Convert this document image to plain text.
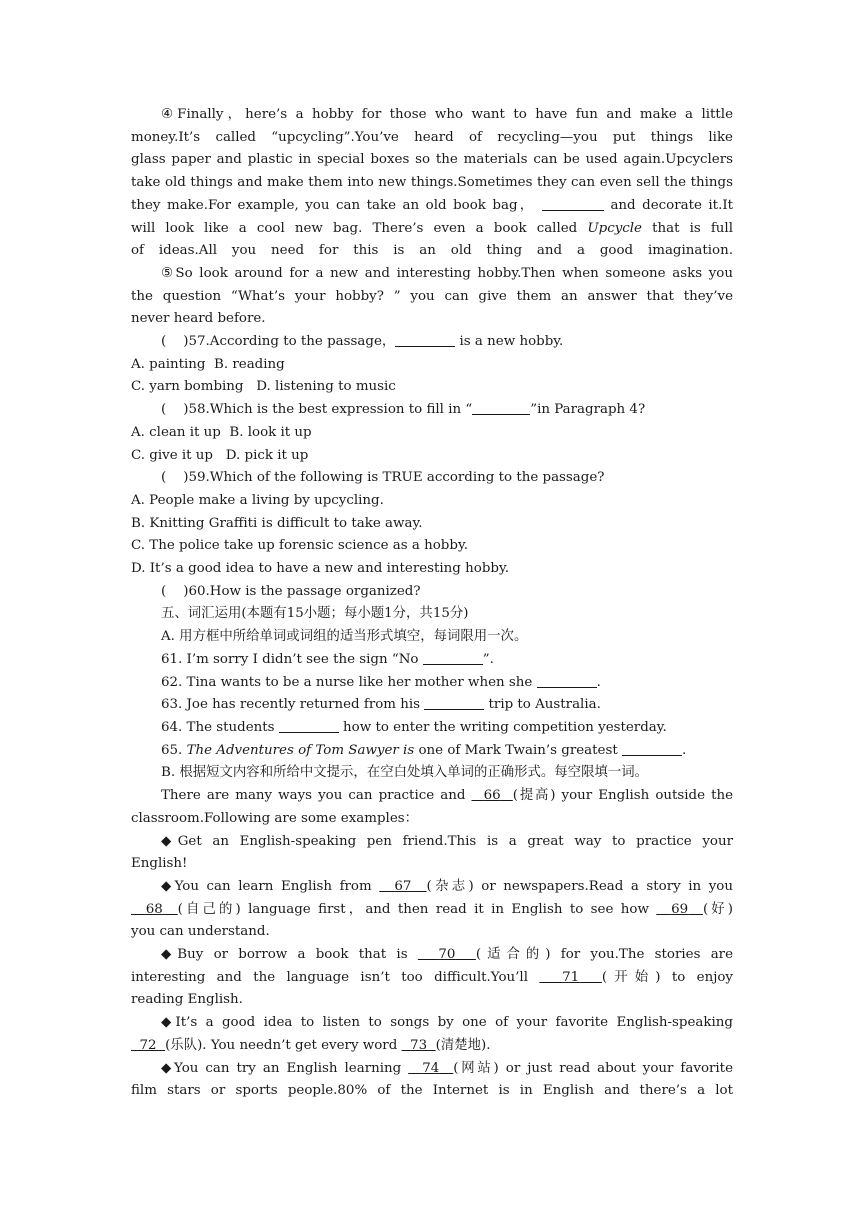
④Finally，here’s a hobby for those who want to have fun and make a little

money.It’s called “upcycling”.You’ve heard of recycling—you put things like

glass paper and plastic in special boxes so the materials can be used again.Upcyclers

take old things and make them into new things.Sometimes they can even sell the things

they make.For example, you can take an old book bag，	and decorate it.It

will look like a cool new bag. There’s even a book called Upcycle that is full

of ideas.All you need for this is an old thing and a good imagination.

⑤So look around for a new and interesting hobby.Then when someone asks you

the question “What’s your hobby? ” you can give them an answer that they’ve

never heard before.

(    )57.According to the passage，	is a new hobby.

A. painting  B. reading

C. yarn bombing   D. listening to music

(    )58.Which is the best expression to fill in “	”in Paragraph 4?

A. clean it up  B. look it up

C. give it up   D. pick it up

(    )59.Which of the following is TRUE according to the passage?

A. People make a living by upcycling.

B. Knitting Graffiti is difficult to take away.

C. The police take up forensic science as a hobby.

D. It’s a good idea to have a new and interesting hobby.

(    )60.How is the passage organized?

五、词汇运用(本题有15小题；每小题1分，共15分)

A. 用方框中所给单词或词组的适当形式填空，每词限用一次。

61. I’m sorry I didn’t see the sign “No	”.

62. Tina wants to be a nurse like her mother when she	.

63. Joe has recently returned from his	trip to Australia.

64. The students	how to enter the writing competition yesterday.

65. The Adventures of Tom Sawyer is one of Mark Twain’s greatest	.

B. 根据短文内容和所给中文提示，在空白处填入单词的正确形式。每空限填一词。

There are many ways you can practice and   66 (提高) your English outside the

classroom.Following are some examples：

◆Get an English-speaking pen friend.This is a great way to practice your

English!

◆You can learn English from   67 (杂志) or newspapers.Read a story in you

68 (自己的) language first，and then read it in English to see how   69 (好)

you can understand.

◆Buy or borrow a book that is   70 (适合的) for you.The stories are

interesting and the language isn’t too difficult.You’ll   71 (开始) to enjoy

reading English.

◆It’s a good idea to listen to songs by one of your favorite English-speaking

72 (乐队). You needn’t get every word   73 (清楚地).

◆You can try an English learning   74 (网站) or just read about your favorite

film stars or sports people.80% of the Internet is in English and there’s a lot
